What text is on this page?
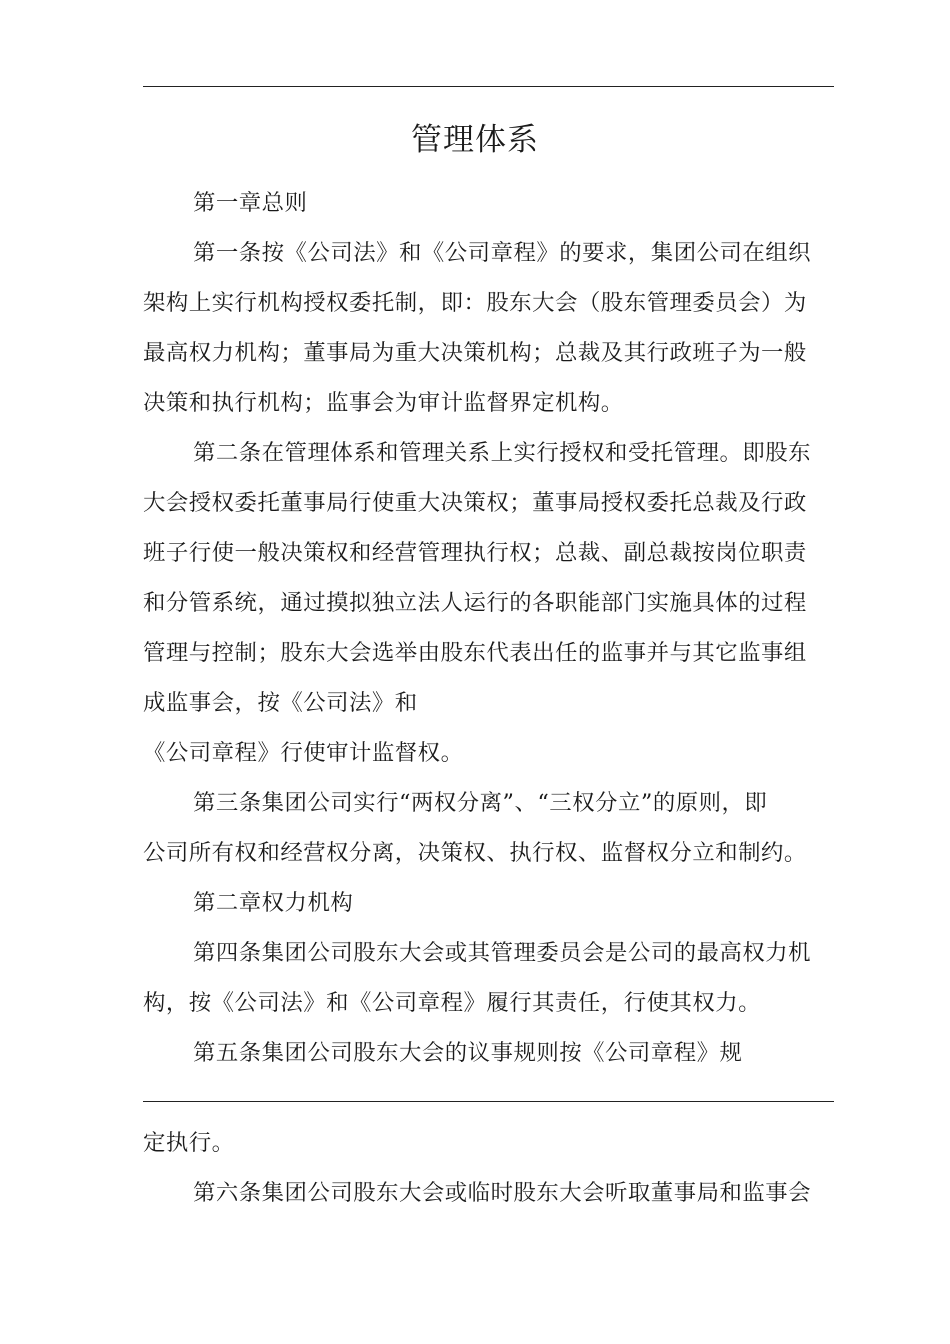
管理体系
第一章总则
第一条按《公司法》和《公司章程》的要求，集团公司在组织
架构上实行机构授权委托制，即：股东大会（股东管理委员会）为
最高权力机构；董事局为重大决策机构；总裁及其行政班子为一般
决策和执行机构；监事会为审计监督界定机构。
第二条在管理体系和管理关系上实行授权和受托管理。即股东
大会授权委托董事局行使重大决策权；董事局授权委托总裁及行政
班子行使一般决策权和经营管理执行权；总裁、副总裁按岗位职责
和分管系统，通过摸拟独立法人运行的各职能部门实施具体的过程
管理与控制；股东大会选举由股东代表出任的监事并与其它监事组
成监事会，按《公司法》和
《公司章程》行使审计监督权。
第三条集团公司实行“两权分离”、“三权分立”的原则，即
公司所有权和经营权分离，决策权、执行权、监督权分立和制约。
第二章权力机构
第四条集团公司股东大会或其管理委员会是公司的最高权力机
构，按《公司法》和《公司章程》履行其责任，行使其权力。
第五条集团公司股东大会的议事规则按《公司章程》规
定执行。
第六条集团公司股东大会或临时股东大会听取董事局和监事会
